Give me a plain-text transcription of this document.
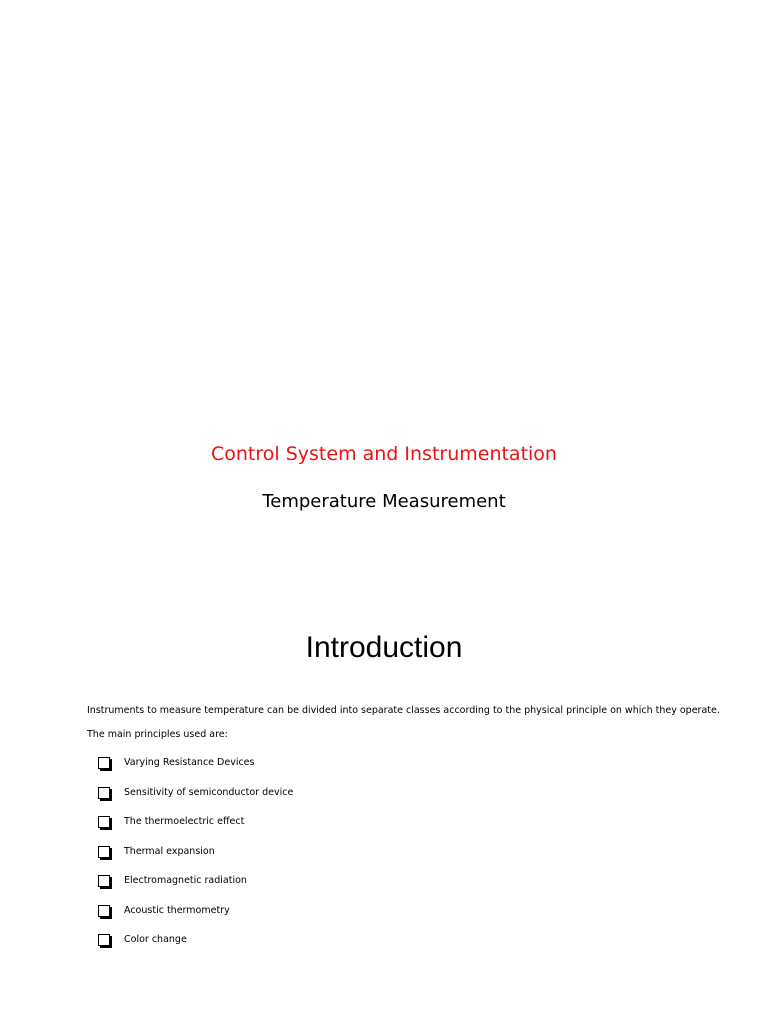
Control System and Instrumentation
Temperature Measurement
Introduction
Instruments to measure temperature can be divided into separate classes according to the physical principle on which they operate.
The main principles used are:
Varying Resistance Devices
Sensitivity of semiconductor device
The thermoelectric effect
Thermal expansion
Electromagnetic radiation
Acoustic thermometry
Color change
